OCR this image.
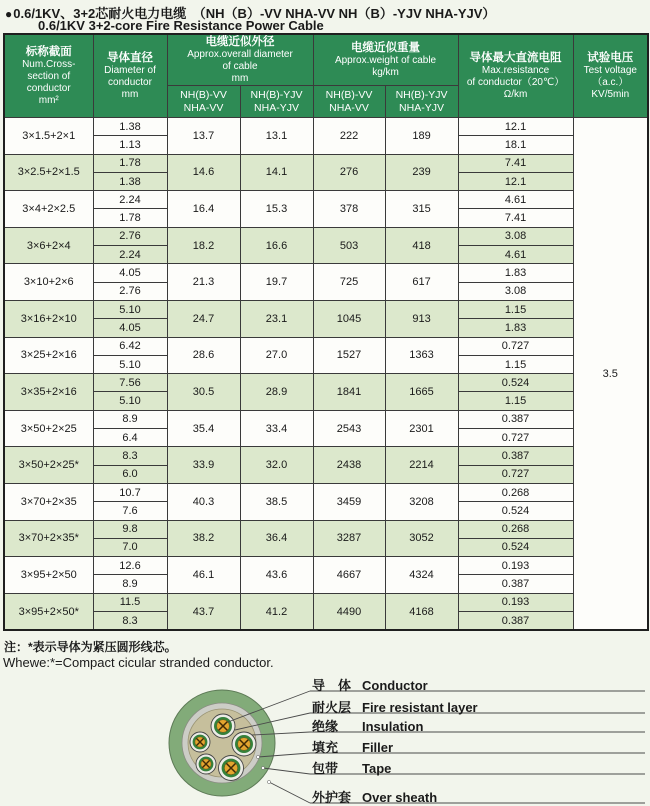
●0.6/1KV、3+2芯耐火电力电缆　（NH（B）-VV NHA-VV NH（B）-YJV NHA-YJV）
0.6/1KV 3+2-core Fire Resistance Power Cable
标称截面
Num.Cross-
section of
conductor
mm²

导体直径
Diameter of
conductor
mm

电缆近似外径
Approx.overall diameter
of cable
mm

电缆近似重量
Approx.weight of cable
kg/km

导体最大直流电阻
Max.resistance
of conductor（20℃）
Ω/km

试验电压
Test voltage
（a.c.）
KV/5min

NH(B)-VV
NHA-VV

NH(B)-YJV
NHA-YJV

NH(B)-VV
NHA-VV

NH(B)-YJV
NHA-YJV

3×1.5+2×1	1.38	13.7	13.1	222	189	12.1	3.5
	1.13					18.1	
3×2.5+2×1.5	1.78	14.6	14.1	276	239	7.41	
	1.38					12.1	
3×4+2×2.5	2.24	16.4	15.3	378	315	4.61	
	1.78					7.41	
3×6+2×4	2.76	18.2	16.6	503	418	3.08	
	2.24					4.61	
3×10+2×6	4.05	21.3	19.7	725	617	1.83	
	2.76					3.08	
3×16+2×10	5.10	24.7	23.1	1045	913	1.15	
	4.05					1.83	
3×25+2×16	6.42	28.6	27.0	1527	1363	0.727	
	5.10					1.15	
3×35+2×16	7.56	30.5	28.9	1841	1665	0.524	
	5.10					1.15	
3×50+2×25	8.9	35.4	33.4	2543	2301	0.387	
	6.4					0.727	
3×50+2×25*	8.3	33.9	32.0	2438	2214	0.387	
	6.0					0.727	
3×70+2×35	10.7	40.3	38.5	3459	3208	0.268	
	7.6					0.524	
3×70+2×35*	9.8	38.2	36.4	3287	3052	0.268	
	7.0					0.524	
3×95+2×50	12.6	46.1	43.6	4667	4324	0.193	
	8.9					0.387	
3×95+2×50*	11.5	43.7	41.2	4490	4168	0.193	
	8.3					0.387	
注：*表示导体为紧压圆形线芯。
Whewe:*=Compact cicular stranded conductor.
导　体 Conductor
耐火层 Fire resistant layer
绝缘 Insulation
填充 Filler
包带 Tape
外护套 Over sheath
